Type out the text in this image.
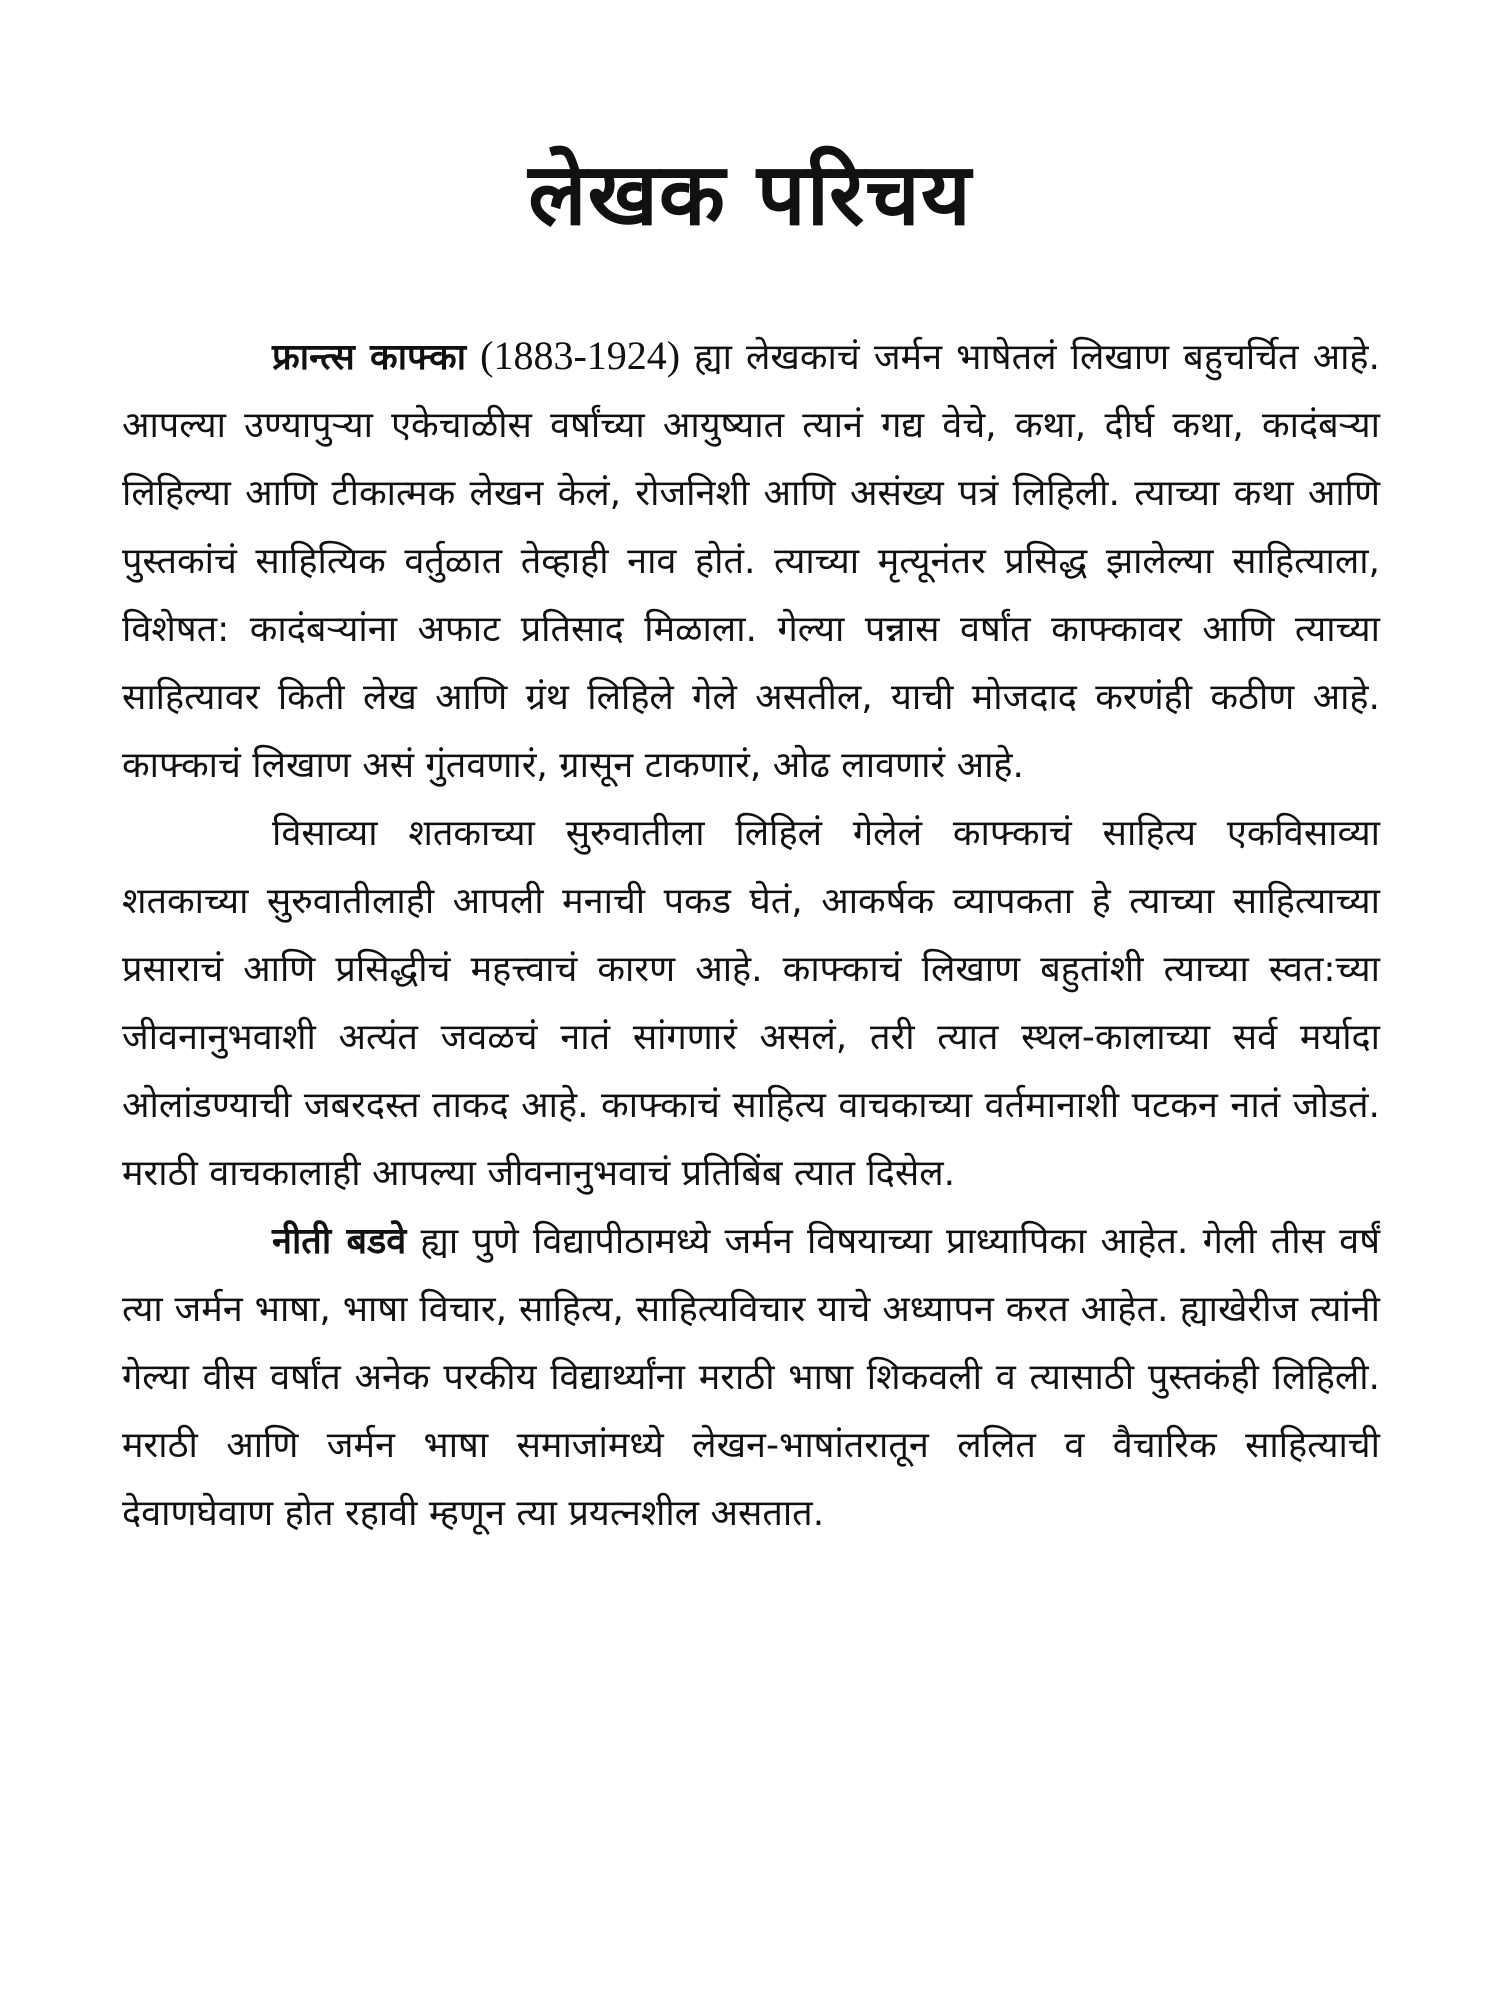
लेखक परिचय

फ्रान्त्स काफ्का (1883-1924) ह्या लेखकाचं जर्मन भाषेतलं लिखाण बहुचर्चित आहे. आपल्या उण्यापुऱ्या एकेचाळीस वर्षांच्या आयुष्यात त्यानं गद्य वेचे, कथा, दीर्घ कथा, कादंबऱ्या लिहिल्या आणि टीकात्मक लेखन केलं, रोजनिशी आणि असंख्य पत्रं लिहिली. त्याच्या कथा आणि पुस्तकांचं साहित्यिक वर्तुळात तेव्हाही नाव होतं. त्याच्या मृत्यूनंतर प्रसिद्ध झालेल्या साहित्याला, विशेषत: कादंबऱ्यांना अफाट प्रतिसाद मिळाला. गेल्या पन्नास वर्षांत काफ्कावर आणि त्याच्या साहित्यावर किती लेख आणि ग्रंथ लिहिले गेले असतील, याची मोजदाद करणंही कठीण आहे. काफ्काचं लिखाण असं गुंतवणारं, ग्रासून टाकणारं, ओढ लावणारं आहे.

विसाव्या शतकाच्या सुरुवातीला लिहिलं गेलेलं काफ्काचं साहित्य एकविसाव्या शतकाच्या सुरुवातीलाही आपली मनाची पकड घेतं, आकर्षक व्यापकता हे त्याच्या साहित्याच्या प्रसाराचं आणि प्रसिद्धीचं महत्त्वाचं कारण आहे. काफ्काचं लिखाण बहुतांशी त्याच्या स्वत:च्या जीवनानुभवाशी अत्यंत जवळचं नातं सांगणारं असलं, तरी त्यात स्थल-कालाच्या सर्व मर्यादा ओलांडण्याची जबरदस्त ताकद आहे. काफ्काचं साहित्य वाचकाच्या वर्तमानाशी पटकन नातं जोडतं. मराठी वाचकालाही आपल्या जीवनानुभवाचं प्रतिबिंब त्यात दिसेल.

नीती बडवे ह्या पुणे विद्यापीठामध्ये जर्मन विषयाच्या प्राध्यापिका आहेत. गेली तीस वर्षं त्या जर्मन भाषा, भाषा विचार, साहित्य, साहित्यविचार याचे अध्यापन करत आहेत. ह्याखेरीज त्यांनी गेल्या वीस वर्षांत अनेक परकीय विद्यार्थ्यांना मराठी भाषा शिकवली व त्यासाठी पुस्तकंही लिहिली. मराठी आणि जर्मन भाषा समाजांमध्ये लेखन-भाषांतरातून ललित व वैचारिक साहित्याची देवाणघेवाण होत रहावी म्हणून त्या प्रयत्नशील असतात.
